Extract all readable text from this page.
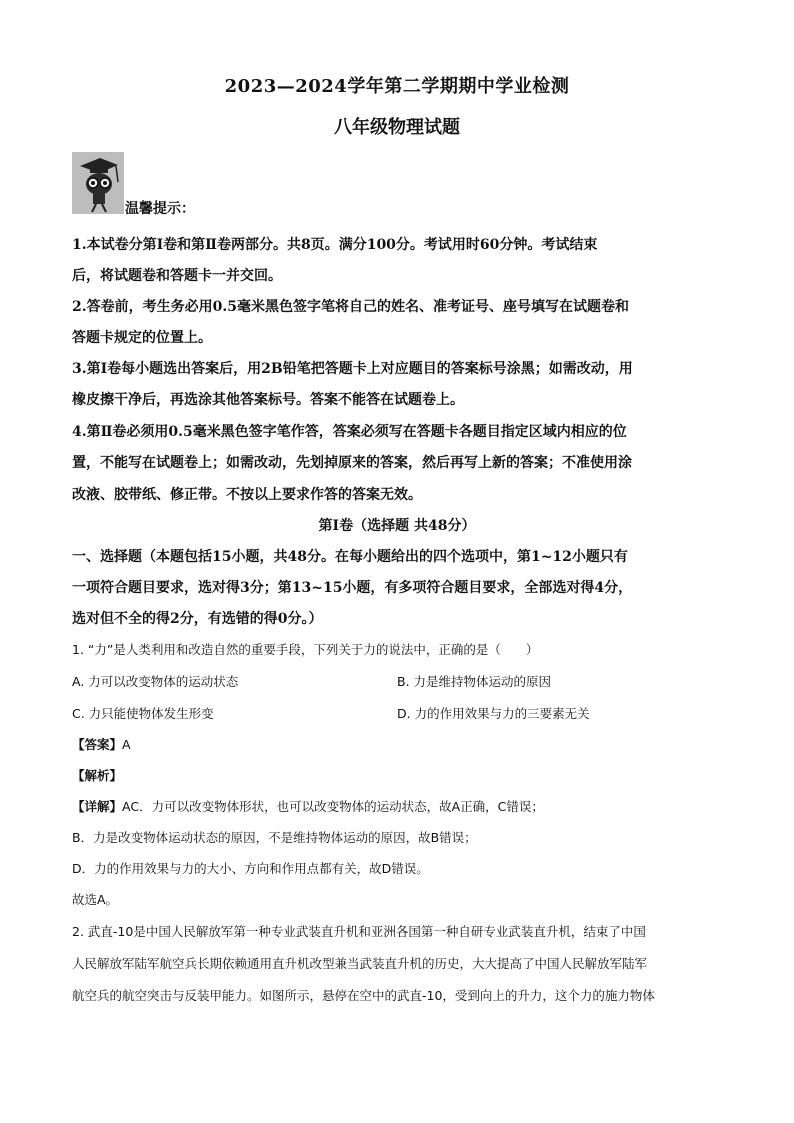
2023—2024学年第二学期期中学业检测
八年级物理试题
温馨提示：
1.本试卷分第Ⅰ卷和第Ⅱ卷两部分。共8页。满分100分。考试用时60分钟。考试结束
后，将试题卷和答题卡一并交回。
2.答卷前，考生务必用0.5毫米黑色签字笔将自己的姓名、准考证号、座号填写在试题卷和
答题卡规定的位置上。
3.第Ⅰ卷每小题选出答案后，用2B铅笔把答题卡上对应题目的答案标号涂黑；如需改动，用
橡皮擦干净后，再选涂其他答案标号。答案不能答在试题卷上。
4.第Ⅱ卷必须用0.5毫米黑色签字笔作答，答案必须写在答题卡各题目指定区域内相应的位
置，不能写在试题卷上；如需改动，先划掉原来的答案，然后再写上新的答案；不准使用涂
改液、胶带纸、修正带。不按以上要求作答的答案无效。
第Ⅰ卷（选择题 共48分）
一、选择题（本题包括15小题，共48分。在每小题给出的四个选项中，第1~12小题只有
一项符合题目要求，选对得3分；第13~15小题，有多项符合题目要求，全部选对得4分，
选对但不全的得2分，有选错的得0分。）
1. “力”是人类利用和改造自然的重要手段，下列关于力的说法中，正确的是（　　）
A. 力可以改变物体的运动状态	B. 力是维持物体运动的原因
C. 力只能使物体发生形变	D. 力的作用效果与力的三要素无关
【答案】A
【解析】
【详解】AC．力可以改变物体形状，也可以改变物体的运动状态，故A正确，C错误；
B．力是改变物体运动状态的原因，不是维持物体运动的原因，故B错误；
D．力的作用效果与力的大小、方向和作用点都有关，故D错误。
故选A。
2. 武直-10是中国人民解放军第一种专业武装直升机和亚洲各国第一种自研专业武装直升机，结束了中国
人民解放军陆军航空兵长期依赖通用直升机改型兼当武装直升机的历史，大大提高了中国人民解放军陆军
航空兵的航空突击与反装甲能力。如图所示，悬停在空中的武直-10，受到向上的升力，这个力的施力物体
